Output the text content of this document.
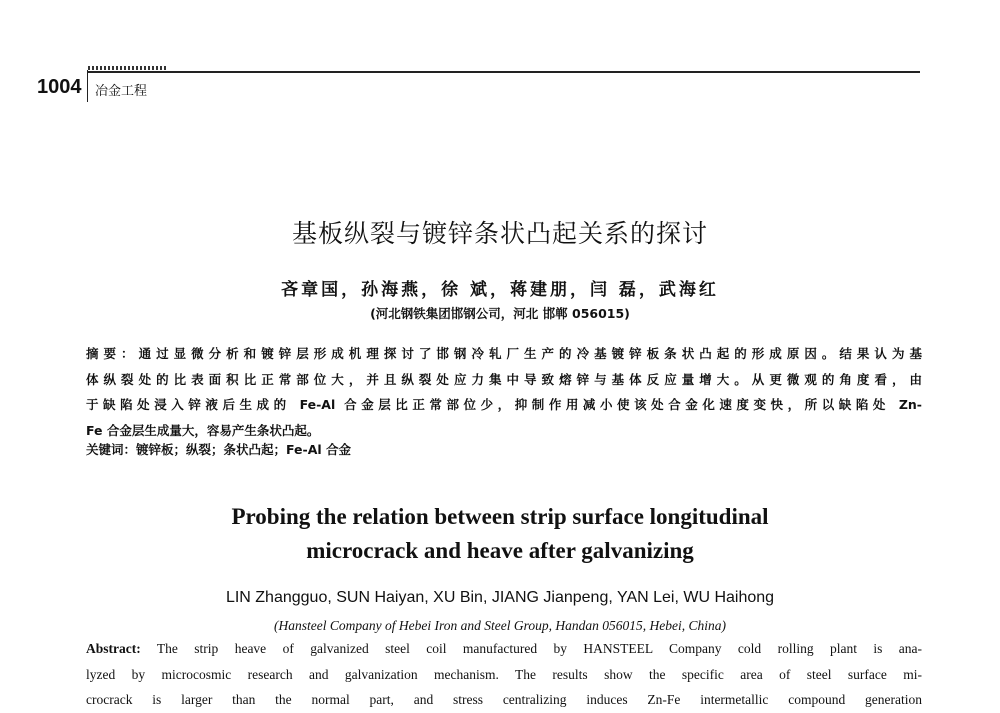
1004 冶金工程
基板纵裂与镀锌条状凸起关系的探讨
吝章国，孙海燕，徐 斌，蒋建朋，闫 磊，武海红
(河北钢铁集团邯钢公司，河北 邯郸 056015)
摘要：通过显微分析和镀锌层形成机理探讨了邯钢冷轧厂生产的冷基镀锌板条状凸起的形成原因。结果认为基
体纵裂处的比表面积比正常部位大，并且纵裂处应力集中导致熔锌与基体反应量增大。从更微观的角度看，由
于缺陷处浸入锌液后生成的 Fe-Al 合金层比正常部位少，抑制作用减小使该处合金化速度变快，所以缺陷处 Zn-
Fe 合金层生成量大，容易产生条状凸起。
关键词：镀锌板；纵裂；条状凸起；Fe-Al 合金
Probing the relation between strip surface longitudinal
microcrack and heave after galvanizing
LIN Zhangguo, SUN Haiyan, XU Bin, JIANG Jianpeng, YAN Lei, WU Haihong
(Hansteel Company of Hebei Iron and Steel Group, Handan 056015, Hebei, China)
Abstract: The strip heave of galvanized steel coil manufactured by HANSTEEL Company cold rolling plant is ana-
lyzed by microcosmic research and galvanization mechanism. The results show the specific area of steel surface mi-
crocrack is larger than the normal part, and stress centralizing induces Zn-Fe intermetallic compound generation
